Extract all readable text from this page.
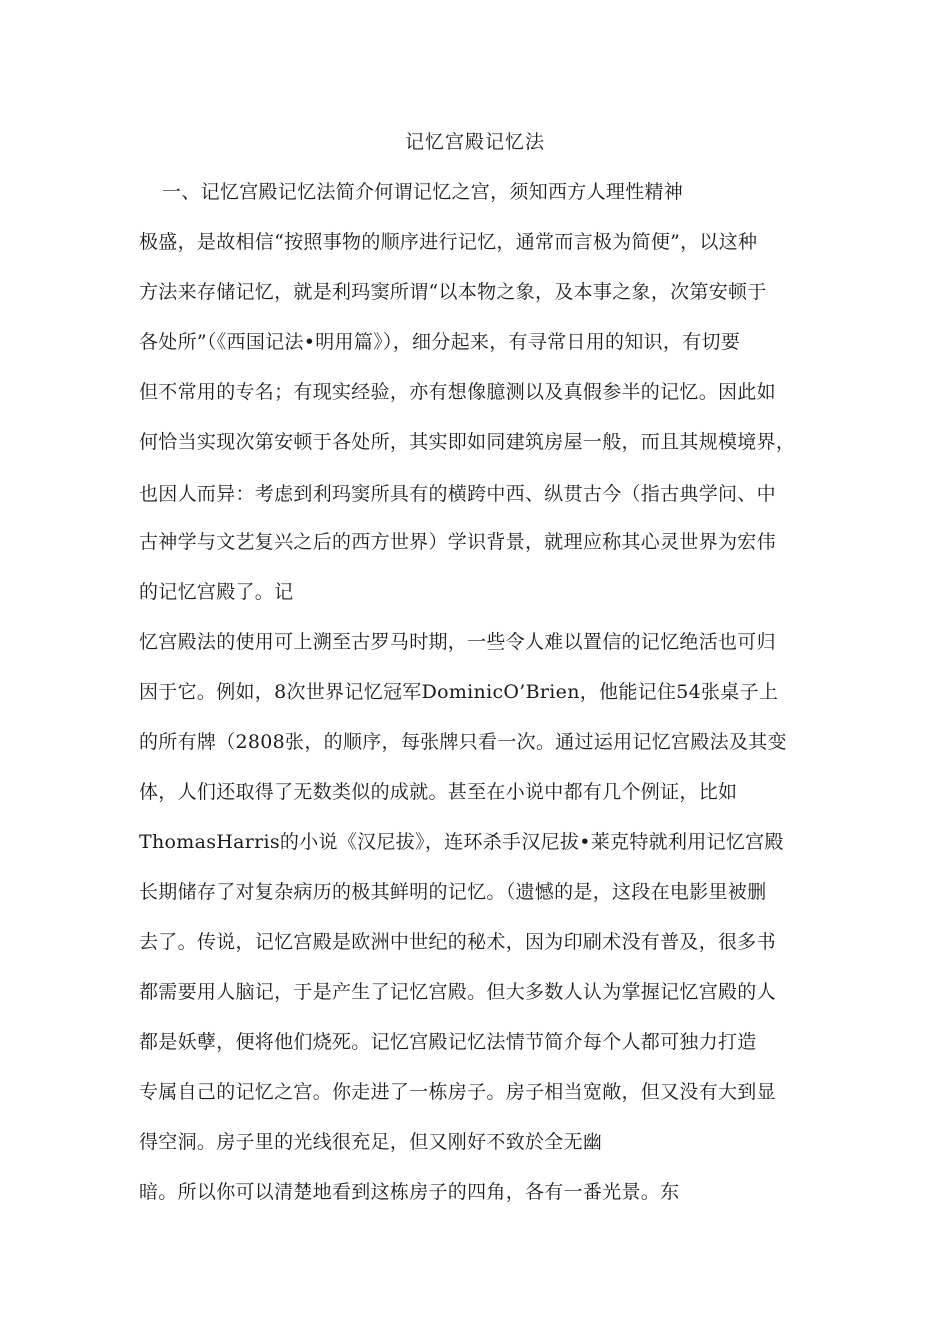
记忆宫殿记忆法
一、记忆宫殿记忆法简介何谓记忆之宫，须知西方人理性精神
极盛，是故相信“按照事物的顺序进行记忆，通常而言极为简便”，以这种
方法来存储记忆，就是利玛窦所谓“以本物之象，及本事之象，次第安顿于
各处所”（《西国记法•明用篇》），细分起来，有寻常日用的知识，有切要
但不常用的专名；有现实经验，亦有想像臆测以及真假参半的记忆。因此如
何恰当实现次第安顿于各处所，其实即如同建筑房屋一般，而且其规模境界，
也因人而异：考虑到利玛窦所具有的横跨中西、纵贯古今（指古典学问、中
古神学与文艺复兴之后的西方世界）学识背景，就理应称其心灵世界为宏伟
的记忆宫殿了。记
忆宫殿法的使用可上溯至古罗马时期，一些令人难以置信的记忆绝活也可归
因于它。例如，8次世界记忆冠军DominicO’Brien，他能记住54张桌子上
的所有牌（2808张，的顺序，每张牌只看一次。通过运用记忆宫殿法及其变
体，人们还取得了无数类似的成就。甚至在小说中都有几个例证，比如
ThomasHarris的小说《汉尼拔》，连环杀手汉尼拔•莱克特就利用记忆宫殿
长期储存了对复杂病历的极其鲜明的记忆。（遗憾的是，这段在电影里被删
去了。传说，记忆宫殿是欧洲中世纪的秘术，因为印刷术没有普及，很多书
都需要用人脑记，于是产生了记忆宫殿。但大多数人认为掌握记忆宫殿的人
都是妖孽，便将他们烧死。记忆宫殿记忆法情节简介每个人都可独力打造
专属自己的记忆之宫。你走进了一栋房子。房子相当宽敞，但又没有大到显
得空洞。房子里的光线很充足，但又刚好不致於全无幽
暗。所以你可以清楚地看到这栋房子的四角，各有一番光景。东
